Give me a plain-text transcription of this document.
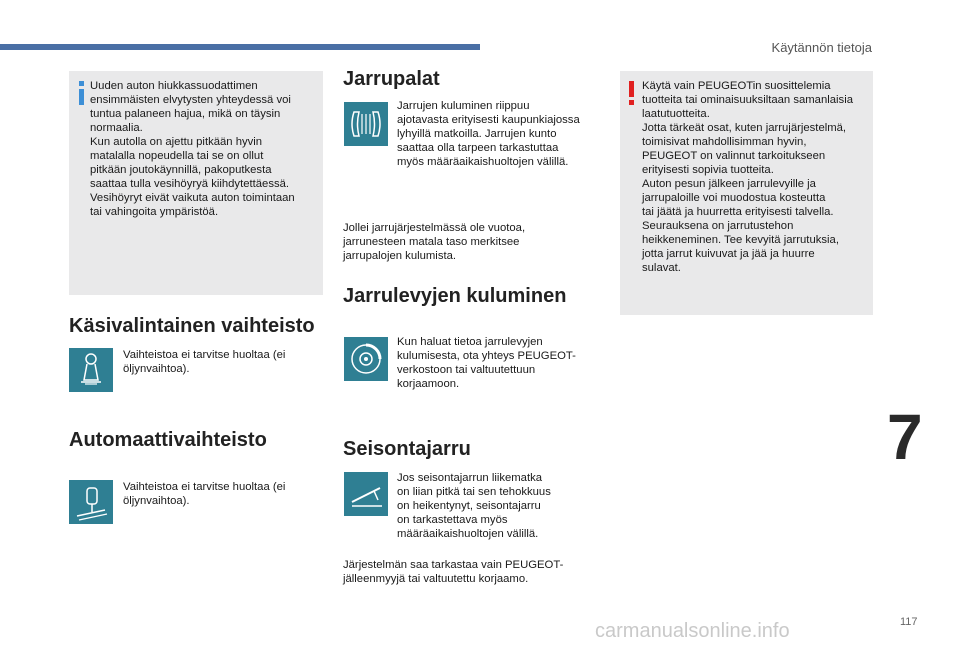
Käytännön tietoja
Uuden auton hiukkassuodattimen
ensimmäisten elvytysten yhteydessä voi
tuntua palaneen hajua, mikä on täysin
normaalia.
Kun autolla on ajettu pitkään hyvin
matalalla nopeudella tai se on ollut
pitkään joutokäynnillä, pakoputkesta
saattaa tulla vesihöyryä kiihdytettäessä.
Vesihöyryt eivät vaikuta auton toimintaan
tai vahingoita ympäristöä.
Käsivalintainen vaihteisto
Vaihteistoa ei tarvitse huoltaa (ei
öljynvaihtoa).
Automaattivaihteisto
Vaihteistoa ei tarvitse huoltaa (ei
öljynvaihtoa).
Jarrupalat
Jarrujen kuluminen riippuu
ajotavasta erityisesti kaupunkiajossa
lyhyillä matkoilla. Jarrujen kunto
saattaa olla tarpeen tarkastuttaa
myös määräaikaishuoltojen välillä.
Jollei jarrujärjestelmässä ole vuotoa,
jarrunesteen matala taso merkitsee
jarrupalojen kulumista.
Jarrulevyjen kuluminen
Kun haluat tietoa jarrulevyjen
kulumisesta, ota yhteys PEUGEOT-
verkostoon tai valtuutettuun
korjaamoon.
Seisontajarru
Jos seisontajarrun liikematka
on liian pitkä tai sen tehokkuus
on heikentynyt, seisontajarru
on tarkastettava myös
määräaikaishuoltojen välillä.
Järjestelmän saa tarkastaa vain PEUGEOT-
jälleenmyyjä tai valtuutettu korjaamo.
Käytä vain PEUGEOTin suosittelemia
tuotteita tai ominaisuuksiltaan samanlaisia
laatutuotteita.
Jotta tärkeät osat, kuten jarrujärjestelmä,
toimisivat mahdollisimman hyvin,
PEUGEOT on valinnut tarkoitukseen
erityisesti sopivia tuotteita.
Auton pesun jälkeen jarrulevyille ja
jarrupaloille voi muodostua kosteutta
tai jäätä ja huurretta erityisesti talvella.
Seurauksena on jarrutustehon
heikkeneminen. Tee kevyitä jarrutuksia,
jotta jarrut kuivuvat ja jää ja huurre
sulavat.
7
117
carmanualsonline.info
